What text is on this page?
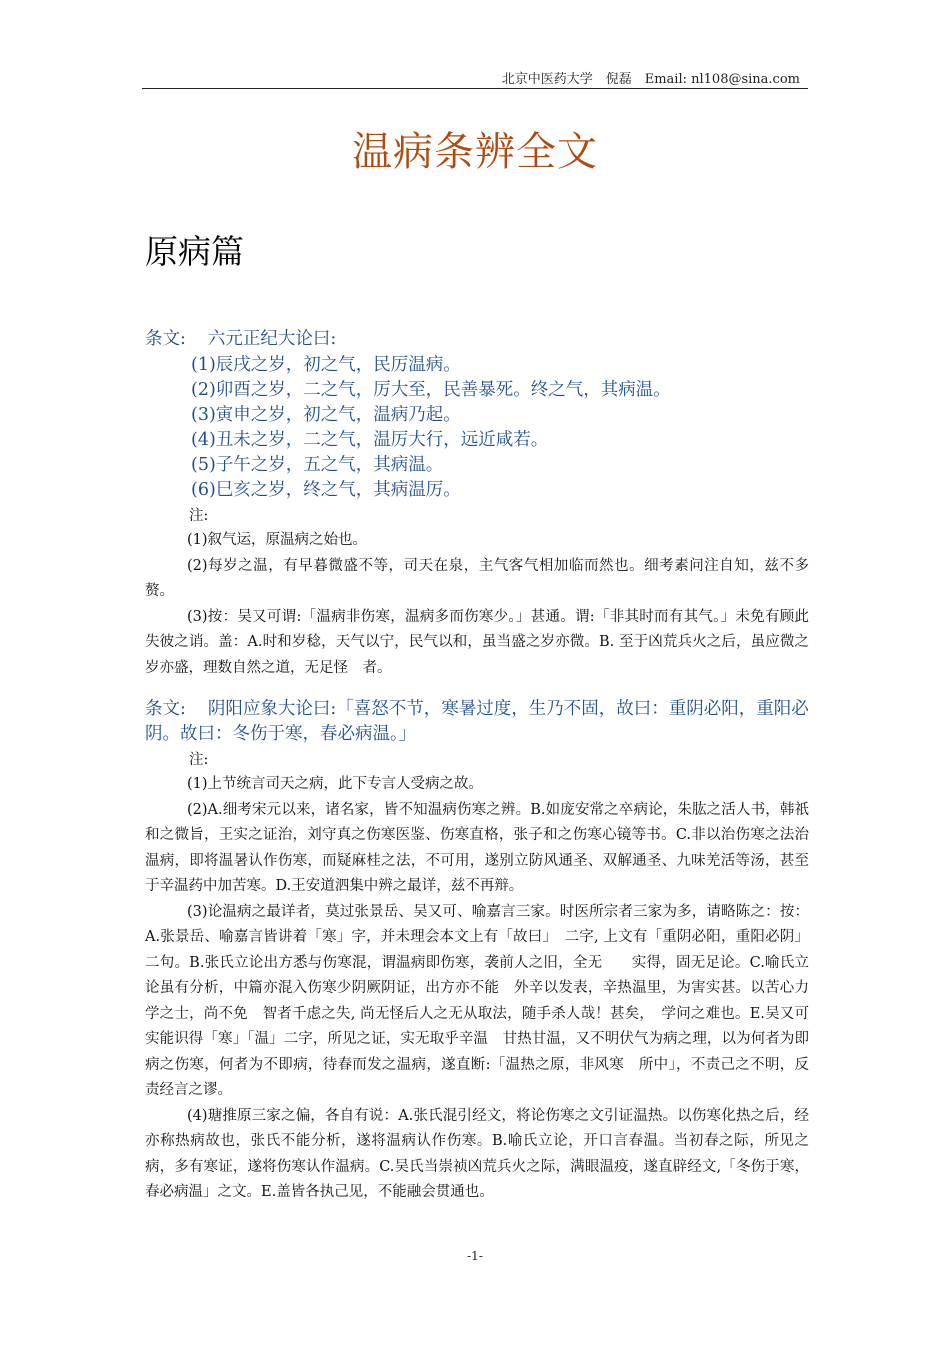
北京中医药大学　倪磊　Email: nl108@sina.com
温病条辨全文
原病篇

条文: 六元正纪大论曰:

(1)辰戌之岁，初之气，民厉温病。

(2)卯酉之岁，二之气，厉大至，民善暴死。终之气，其病温。

(3)寅申之岁，初之气，温病乃起。

(4)丑未之岁，二之气，温厉大行，远近咸若。

(5)子午之岁，五之气，其病温。

(6)巳亥之岁，终之气，其病温厉。

注:

(1)叙气运，原温病之始也。

(2)每岁之温，有早暮微盛不等，司天在泉，主气客气相加临而然也。细考素问注自知，兹不多赘。

(3)按：吴又可谓:「温病非伤寒，温病多而伤寒少。」甚通。谓:「非其时而有其气。」未免有顾此失彼之诮。盖：A.时和岁稔，天气以宁，民气以和，虽当盛之岁亦微。B. 至于凶荒兵火之后，虽应微之岁亦盛，理数自然之道，无足怪　者。

条文: 阴阳应象大论曰:「喜怒不节，寒暑过度，生乃不固，故曰：重阴必阳，重阳必阴。故曰：冬伤于寒，春必病温。」

注:

(1)上节统言司天之病，此下专言人受病之故。

(2)A.细考宋元以来，诸名家，皆不知温病伤寒之辨。B.如庞安常之卒病论，朱肱之活人书，韩祇和之微旨，王实之证治，刘守真之伤寒医鉴、伤寒直格，张子和之伤寒心镜等书。C.非以治伤寒之法治温病，即将温暑认作伤寒，而疑麻桂之法，不可用，遂别立防风通圣、双解通圣、九味羌活等汤，甚至于辛温药中加苦寒。D.王安道泗集中辨之最详，兹不再辩。

(3)论温病之最详者，莫过张景岳、吴又可、喻嘉言三家。时医所宗者三家为多，请略陈之：按：A.张景岳、喻嘉言皆讲着「寒」字，并未理会本文上有「故曰」　二字, 上文有「重阴必阳，重阳必阴」二句。B.张氏立论出方悉与伤寒混，谓温病即伤寒，袭前人之旧，全无　　实得，固无足论。C.喻氏立论虽有分析，中篇亦混入伤寒少阴厥阴证，出方亦不能　外辛以发表，辛热温里，为害实甚。以苦心力学之士，尚不免　智者千虑之失, 尚无怪后人之无从取法，随手杀人哉！甚矣，　学问之难也。E.吴又可实能识得「寒」「温」二字，所见之证，实无取乎辛温　甘热甘温，又不明伏气为病之理，以为何者为即病之伤寒，何者为不即病，待春而发之温病，遂直断:「温热之原，非风寒　所中」，不责己之不明，反责经言之谬。

(4)瑭推原三家之偏，各自有说：A.张氏混引经文，将论伤寒之文引证温热。以伤寒化热之后，经亦称热病故也，张氏不能分析，遂将温病认作伤寒。B.喻氏立论，开口言春温。当初春之际，所见之病，多有寒证，遂将伤寒认作温病。C.吴氏当崇祯凶荒兵火之际，满眼温疫，遂直辟经文,「冬伤于寒，春必病温」之文。E.盖皆各执己见，不能融会贯通也。

-1-
